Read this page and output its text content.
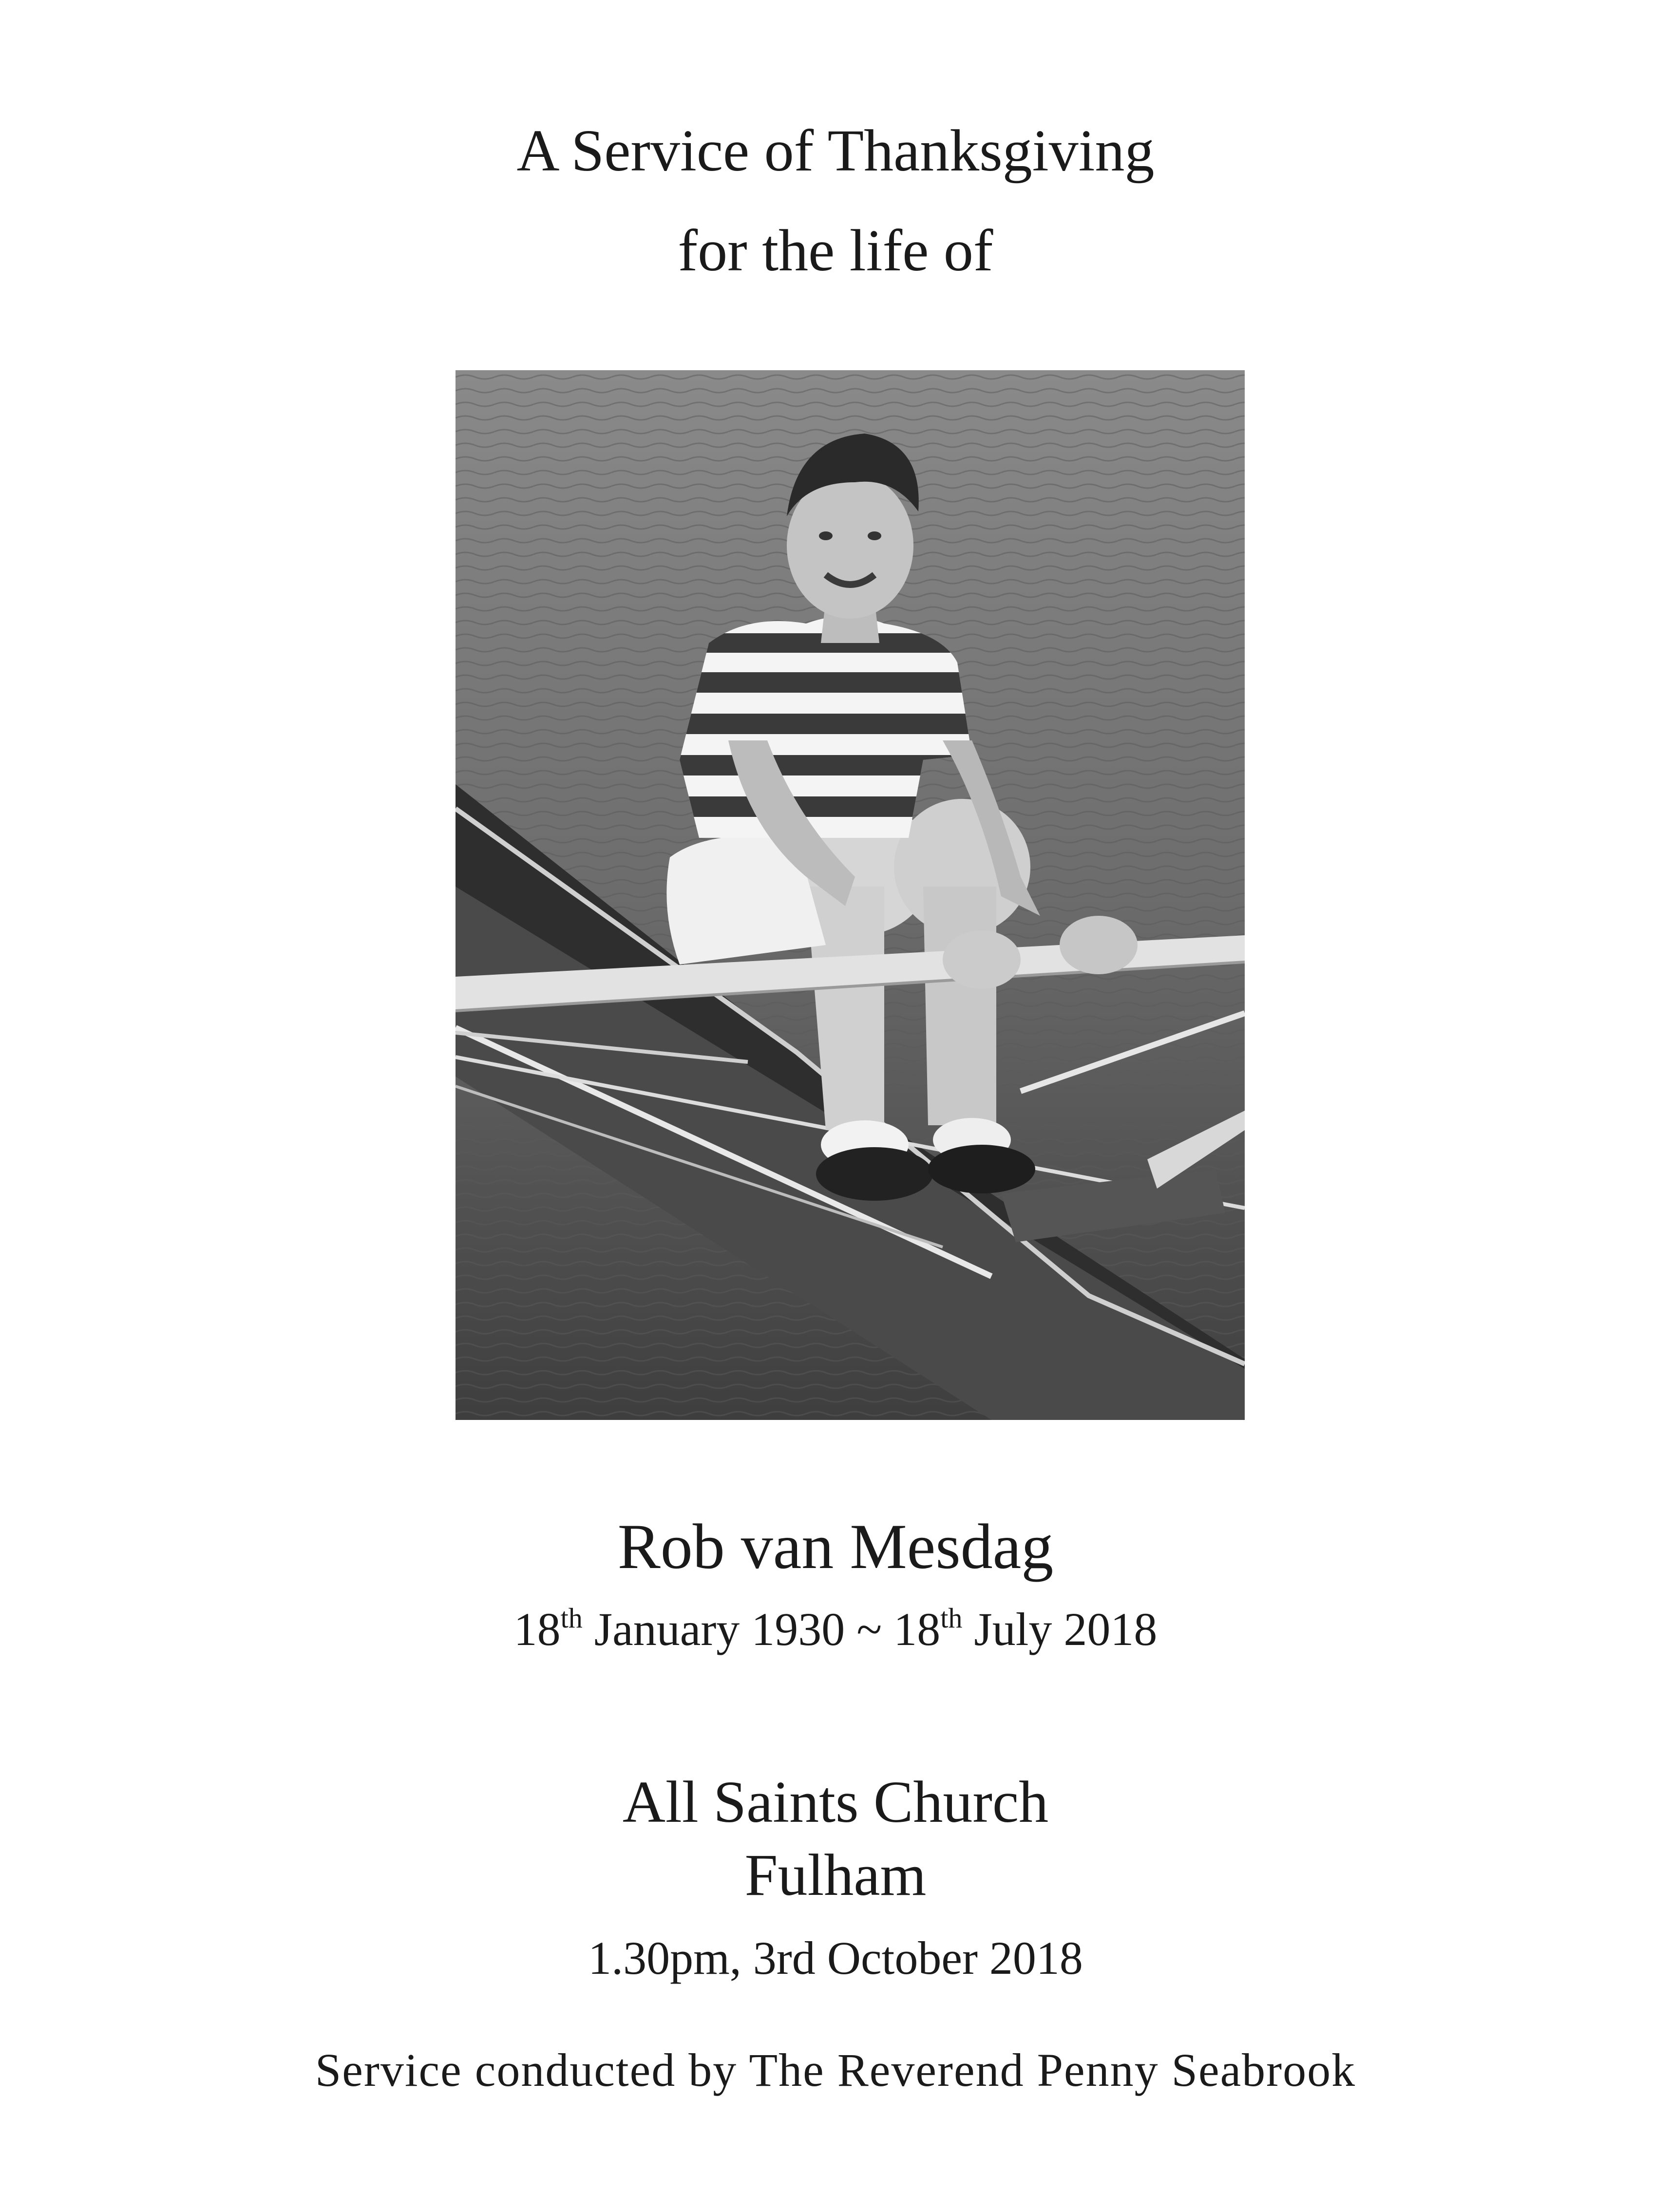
A Service of Thanksgiving
for the life of
Rob van Mesdag
18th January 1930 ~ 18th July 2018
All Saints Church
Fulham
1.30pm, 3rd October 2018
Service conducted by The Reverend Penny Seabrook
